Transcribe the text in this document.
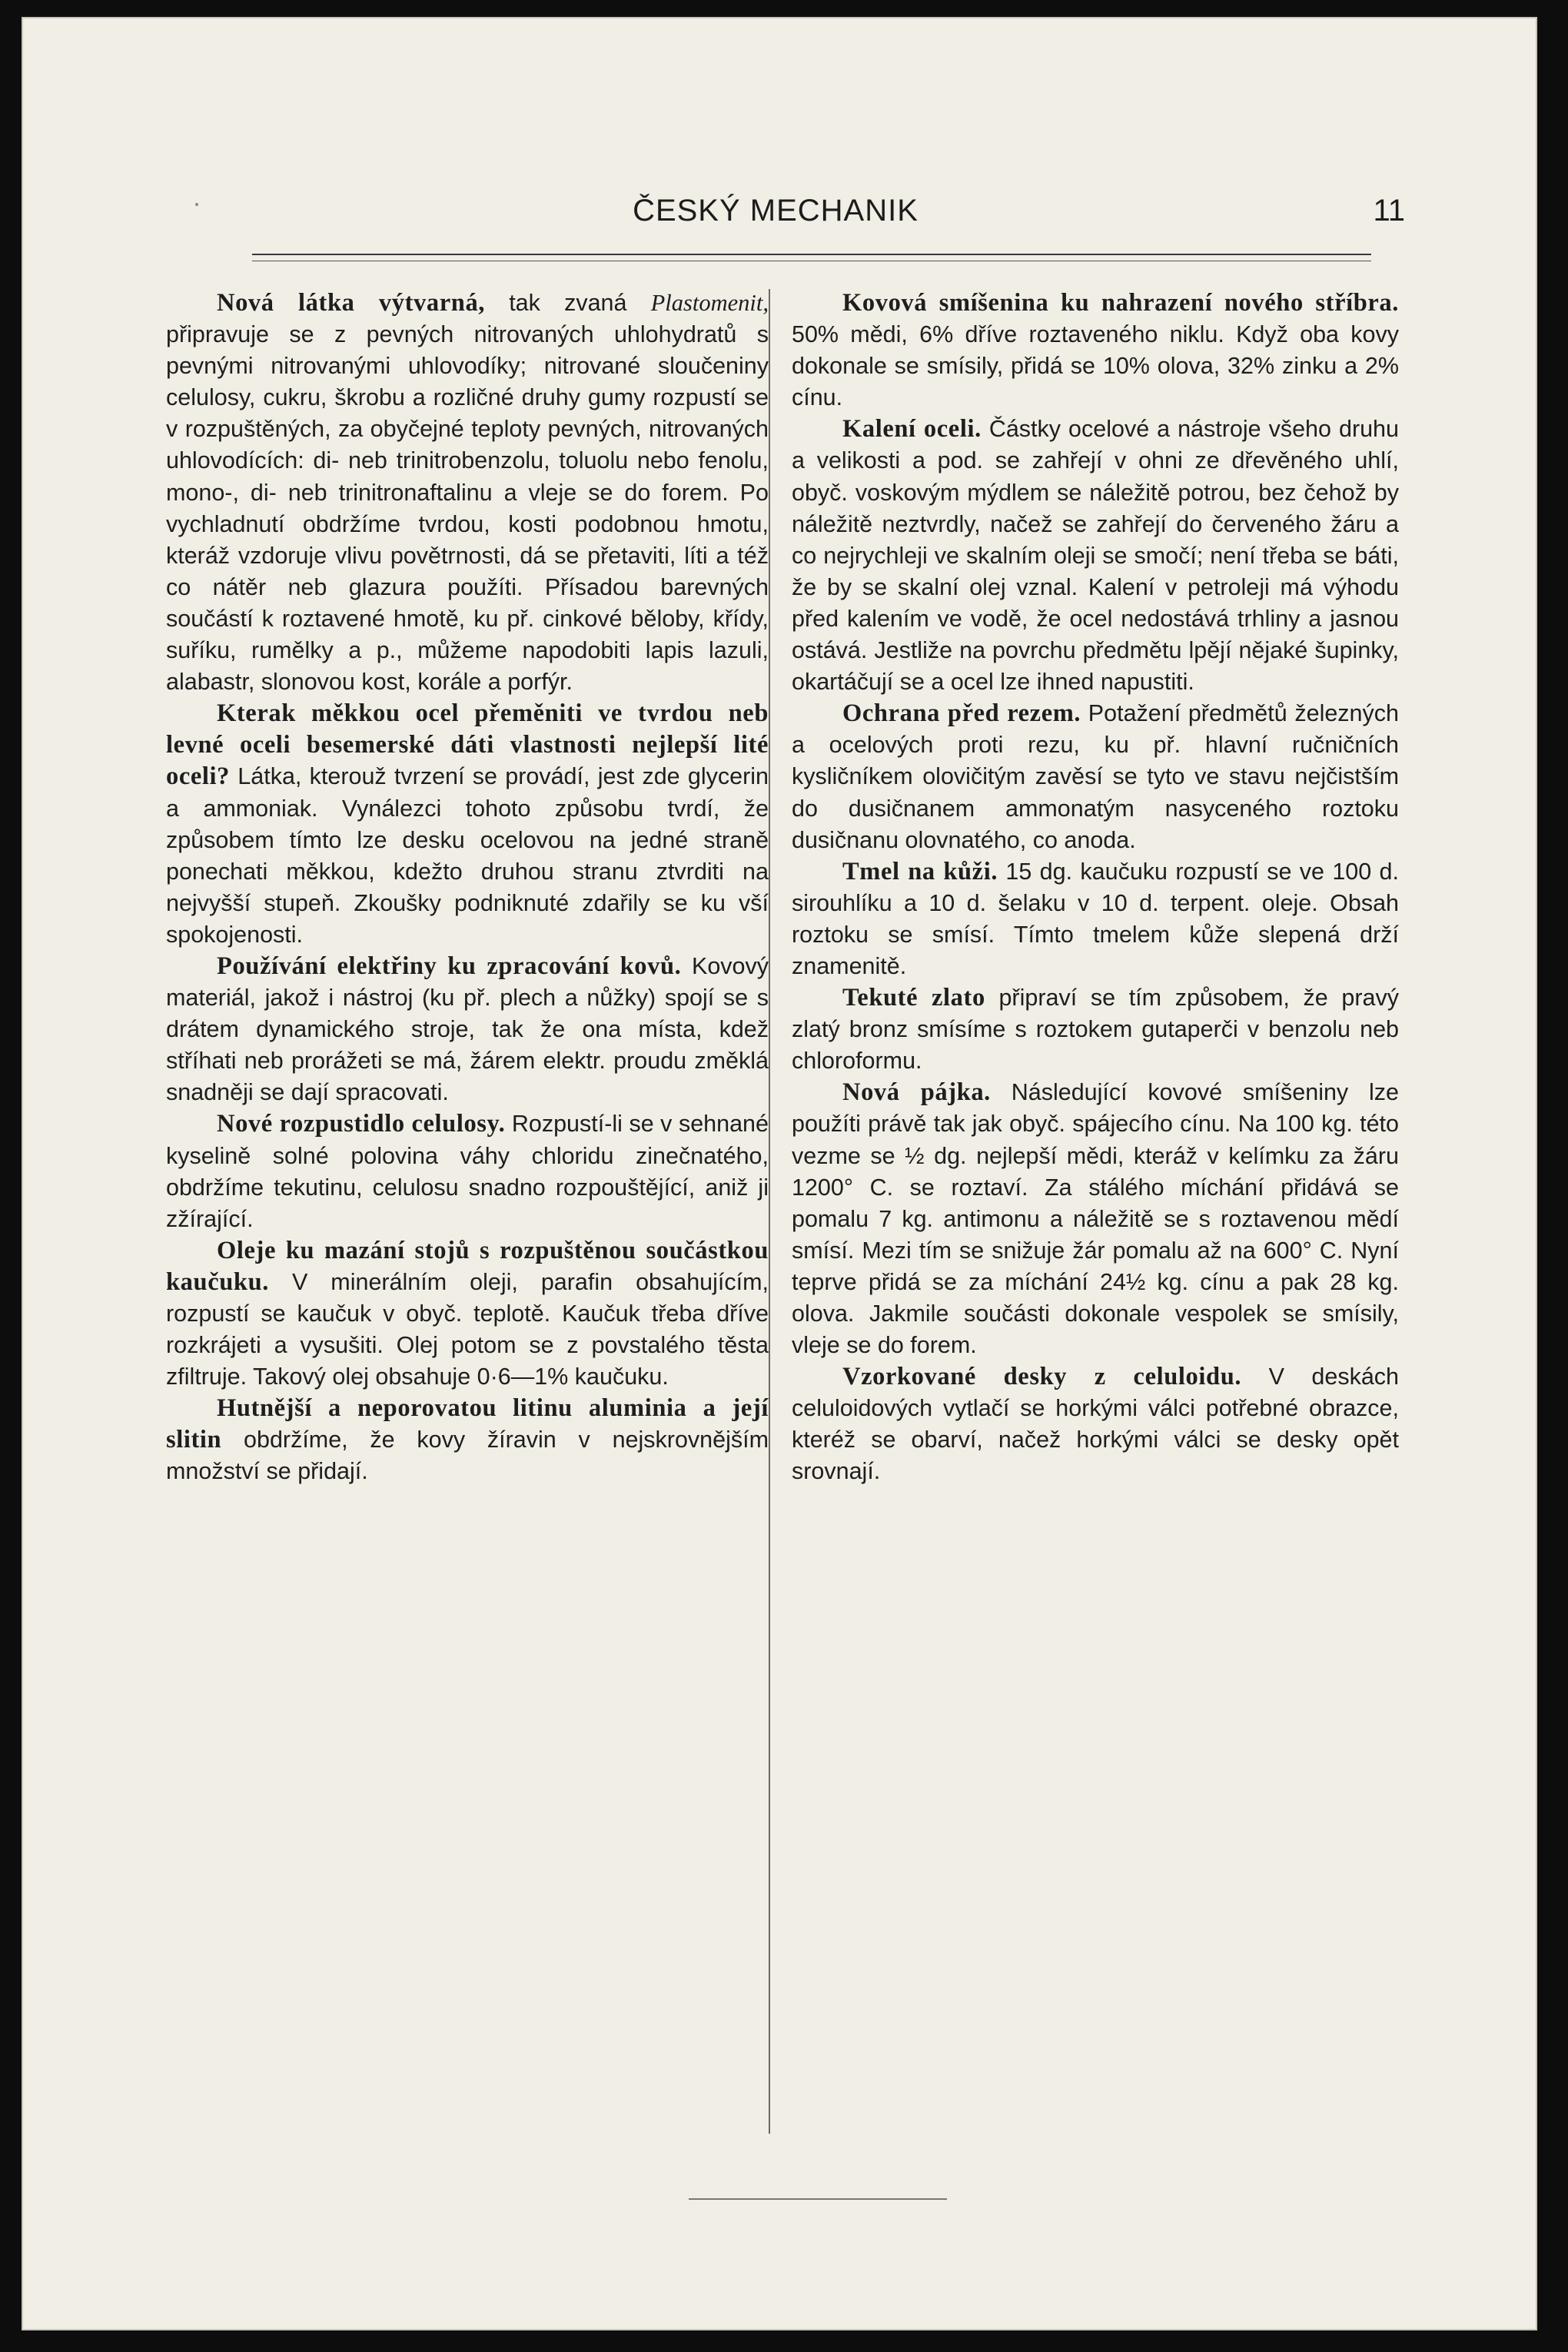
ČESKÝ MECHANIK	11

Nová látka výtvarná, tak zvaná Plastomenit, připravuje se z pevných nitrovaných uhlohydratů s pevnými nitrovanými uhlovodíky; nitrované sloučeniny celulosy, cukru, škrobu a rozličné druhy gumy rozpustí se v rozpuštěných, za obyčejné teploty pevných, nitrovaných uhlovodících: di- neb trinitrobenzolu, toluolu nebo fenolu, mono-, di- neb trinitronaftalinu a vleje se do forem. Po vychladnutí obdržíme tvrdou, kosti podobnou hmotu, kteráž vzdoruje vlivu povětrnosti, dá se přetaviti, líti a též co nátěr neb glazura použíti. Přísadou barevných součástí k roztavené hmotě, ku př. cinkové běloby, křídy, suříku, rumělky a p., můžeme napodobiti lapis lazuli, alabastr, slonovou kost, korále a porfýr.

Kterak měkkou ocel přeměniti ve tvrdou neb levné oceli besemerské dáti vlastnosti nejlepší lité oceli? Látka, kterouž tvrzení se provádí, jest zde glycerin a ammoniak. Vynálezci tohoto způsobu tvrdí, že způsobem tímto lze desku ocelovou na jedné straně ponechati měkkou, kdežto druhou stranu ztvrditi na nejvyšší stupeň. Zkoušky podniknuté zdařily se ku vší spokojenosti.

Používání elektřiny ku zpracování kovů. Kovový materiál, jakož i nástroj (ku př. plech a nůžky) spojí se s drátem dynamického stroje, tak že ona místa, kdež stříhati neb prorážeti se má, žárem elektr. proudu změklá snadněji se dají spracovati.

Nové rozpustidlo celulosy. Rozpustí-li se v sehnané kyselině solné polovina váhy chloridu zinečnatého, obdržíme tekutinu, celulosu snadno rozpouštějící, aniž ji zžírající.

Oleje ku mazání stojů s rozpuštěnou součástkou kaučuku. V minerálním oleji, parafin obsahujícím, rozpustí se kaučuk v obyč. teplotě. Kaučuk třeba dříve rozkrájeti a vysušiti. Olej potom se z povstalého těsta zfiltruje. Takový olej obsahuje 0·6—1% kaučuku.

Hutnější a neporovatou litinu aluminia a její slitin obdržíme, že kovy žíravin v nejskrovnějším množství se přidají.

Kovová smíšenina ku nahrazení nového stříbra. 50% mědi, 6% dříve roztaveného niklu. Když oba kovy dokonale se smísily, přidá se 10% olova, 32% zinku a 2% cínu.

Kalení oceli. Částky ocelové a nástroje všeho druhu a velikosti a pod. se zahřejí v ohni ze dřevěného uhlí, obyč. voskovým mýdlem se náležitě potrou, bez čehož by náležitě neztvrdly, načež se zahřejí do červeného žáru a co nejrychleji ve skalním oleji se smočí; není třeba se báti, že by se skalní olej vznal. Kalení v petroleji má výhodu před kalením ve vodě, že ocel nedostává trhliny a jasnou ostává. Jestliže na povrchu předmětu lpějí nějaké šupinky, okartáčují se a ocel lze ihned napustiti.

Ochrana před rezem. Potažení předmětů železných a ocelových proti rezu, ku př. hlavní ručničních kysličníkem olovičitým zavěsí se tyto ve stavu nejčistším do dusičnanem ammonatým nasyceného roztoku dusičnanu olovnatého, co anoda.

Tmel na kůži. 15 dg. kaučuku rozpustí se ve 100 d. sirouhlíku a 10 d. šelaku v 10 d. terpent. oleje. Obsah roztoku se smísí. Tímto tmelem kůže slepená drží znamenitě.

Tekuté zlato připraví se tím způsobem, že pravý zlatý bronz smísíme s roztokem gutaperči v benzolu neb chloroformu.

Nová pájka. Následující kovové smíšeniny lze použíti právě tak jak obyč. spájecího cínu. Na 100 kg. této vezme se ½ dg. nejlepší mědi, kteráž v kelímku za žáru 1200° C. se roztaví. Za stálého míchání přidává se pomalu 7 kg. antimonu a náležitě se s roztavenou mědí smísí. Mezi tím se snižuje žár pomalu až na 600° C. Nyní teprve přidá se za míchání 24½ kg. cínu a pak 28 kg. olova. Jakmile součásti dokonale vespolek se smísily, vleje se do forem.

Vzorkované desky z celuloidu. V deskách celuloidových vytlačí se horkými válci potřebné obrazce, kteréž se obarví, načež horkými válci se desky opět srovnají.
